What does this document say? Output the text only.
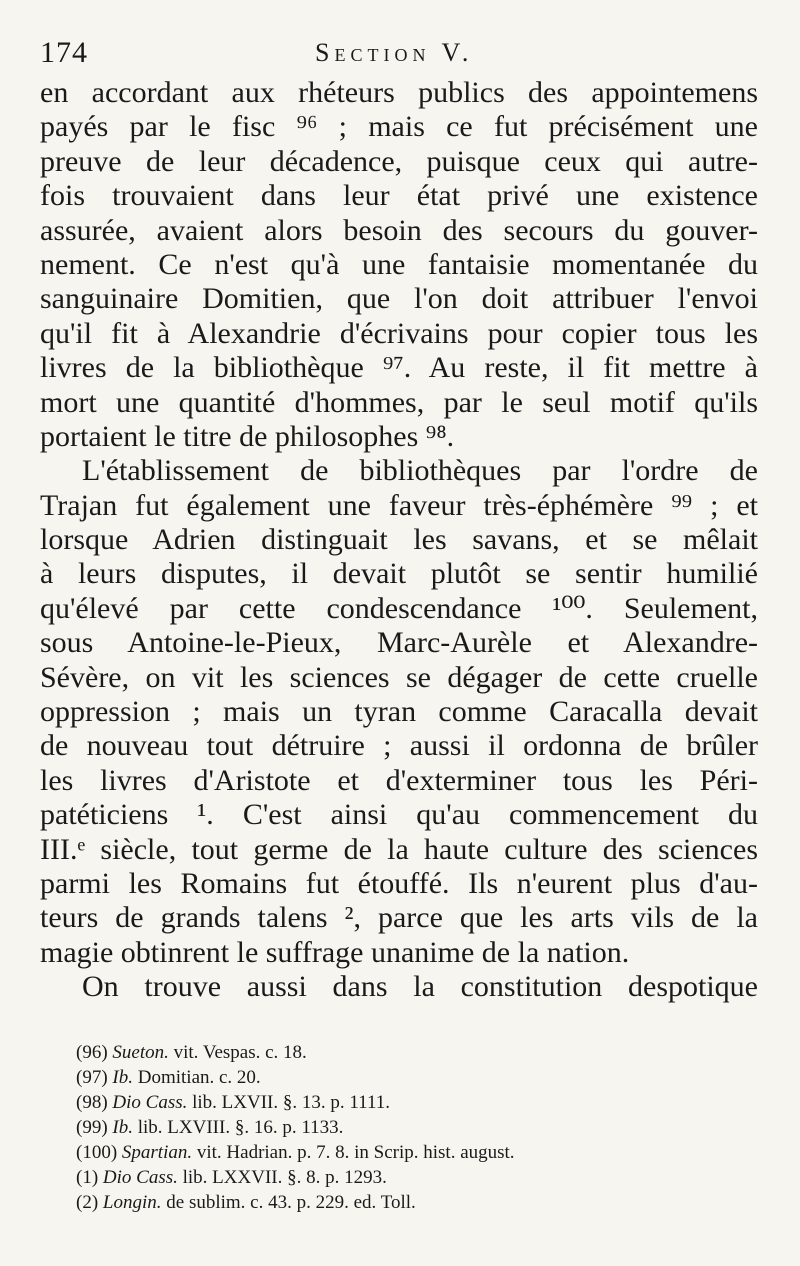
174	Section V.
en accordant aux rhéteurs publics des appointemens
payés par le fisc ⁹⁶ ; mais ce fut précisément une
preuve de leur décadence, puisque ceux qui autre-
fois trouvaient dans leur état privé une existence
assurée, avaient alors besoin des secours du gouver-
nement. Ce n'est qu'à une fantaisie momentanée du
sanguinaire Domitien, que l'on doit attribuer l'envoi
qu'il fit à Alexandrie d'écrivains pour copier tous les
livres de la bibliothèque ⁹⁷. Au reste, il fit mettre à
mort une quantité d'hommes, par le seul motif qu'ils
portaient le titre de philosophes ⁹⁸.
L'établissement de bibliothèques par l'ordre de
Trajan fut également une faveur très-éphémère ⁹⁹ ; et
lorsque Adrien distinguait les savans, et se mêlait
à leurs disputes, il devait plutôt se sentir humilié
qu'élevé par cette condescendance ¹⁰⁰. Seulement,
sous Antoine-le-Pieux, Marc-Aurèle et Alexandre-
Sévère, on vit les sciences se dégager de cette cruelle
oppression ; mais un tyran comme Caracalla devait
de nouveau tout détruire ; aussi il ordonna de brûler
les livres d'Aristote et d'exterminer tous les Péri-
patéticiens ¹. C'est ainsi qu'au commencement du
III.ᵉ siècle, tout germe de la haute culture des sciences
parmi les Romains fut étouffé. Ils n'eurent plus d'au-
teurs de grands talens ², parce que les arts vils de la
magie obtinrent le suffrage unanime de la nation.
On trouve aussi dans la constitution despotique
(96) Sueton. vit. Vespas. c. 18.
(97) Ib. Domitian. c. 20.
(98) Dio Cass. lib. LXVII. §. 13. p. 1111.
(99) Ib. lib. LXVIII. §. 16. p. 1133.
(100) Spartian. vit. Hadrian. p. 7. 8. in Scrip. hist. august.
(1) Dio Cass. lib. LXXVII. §. 8. p. 1293.
(2) Longin. de sublim. c. 43. p. 229. ed. Toll.
